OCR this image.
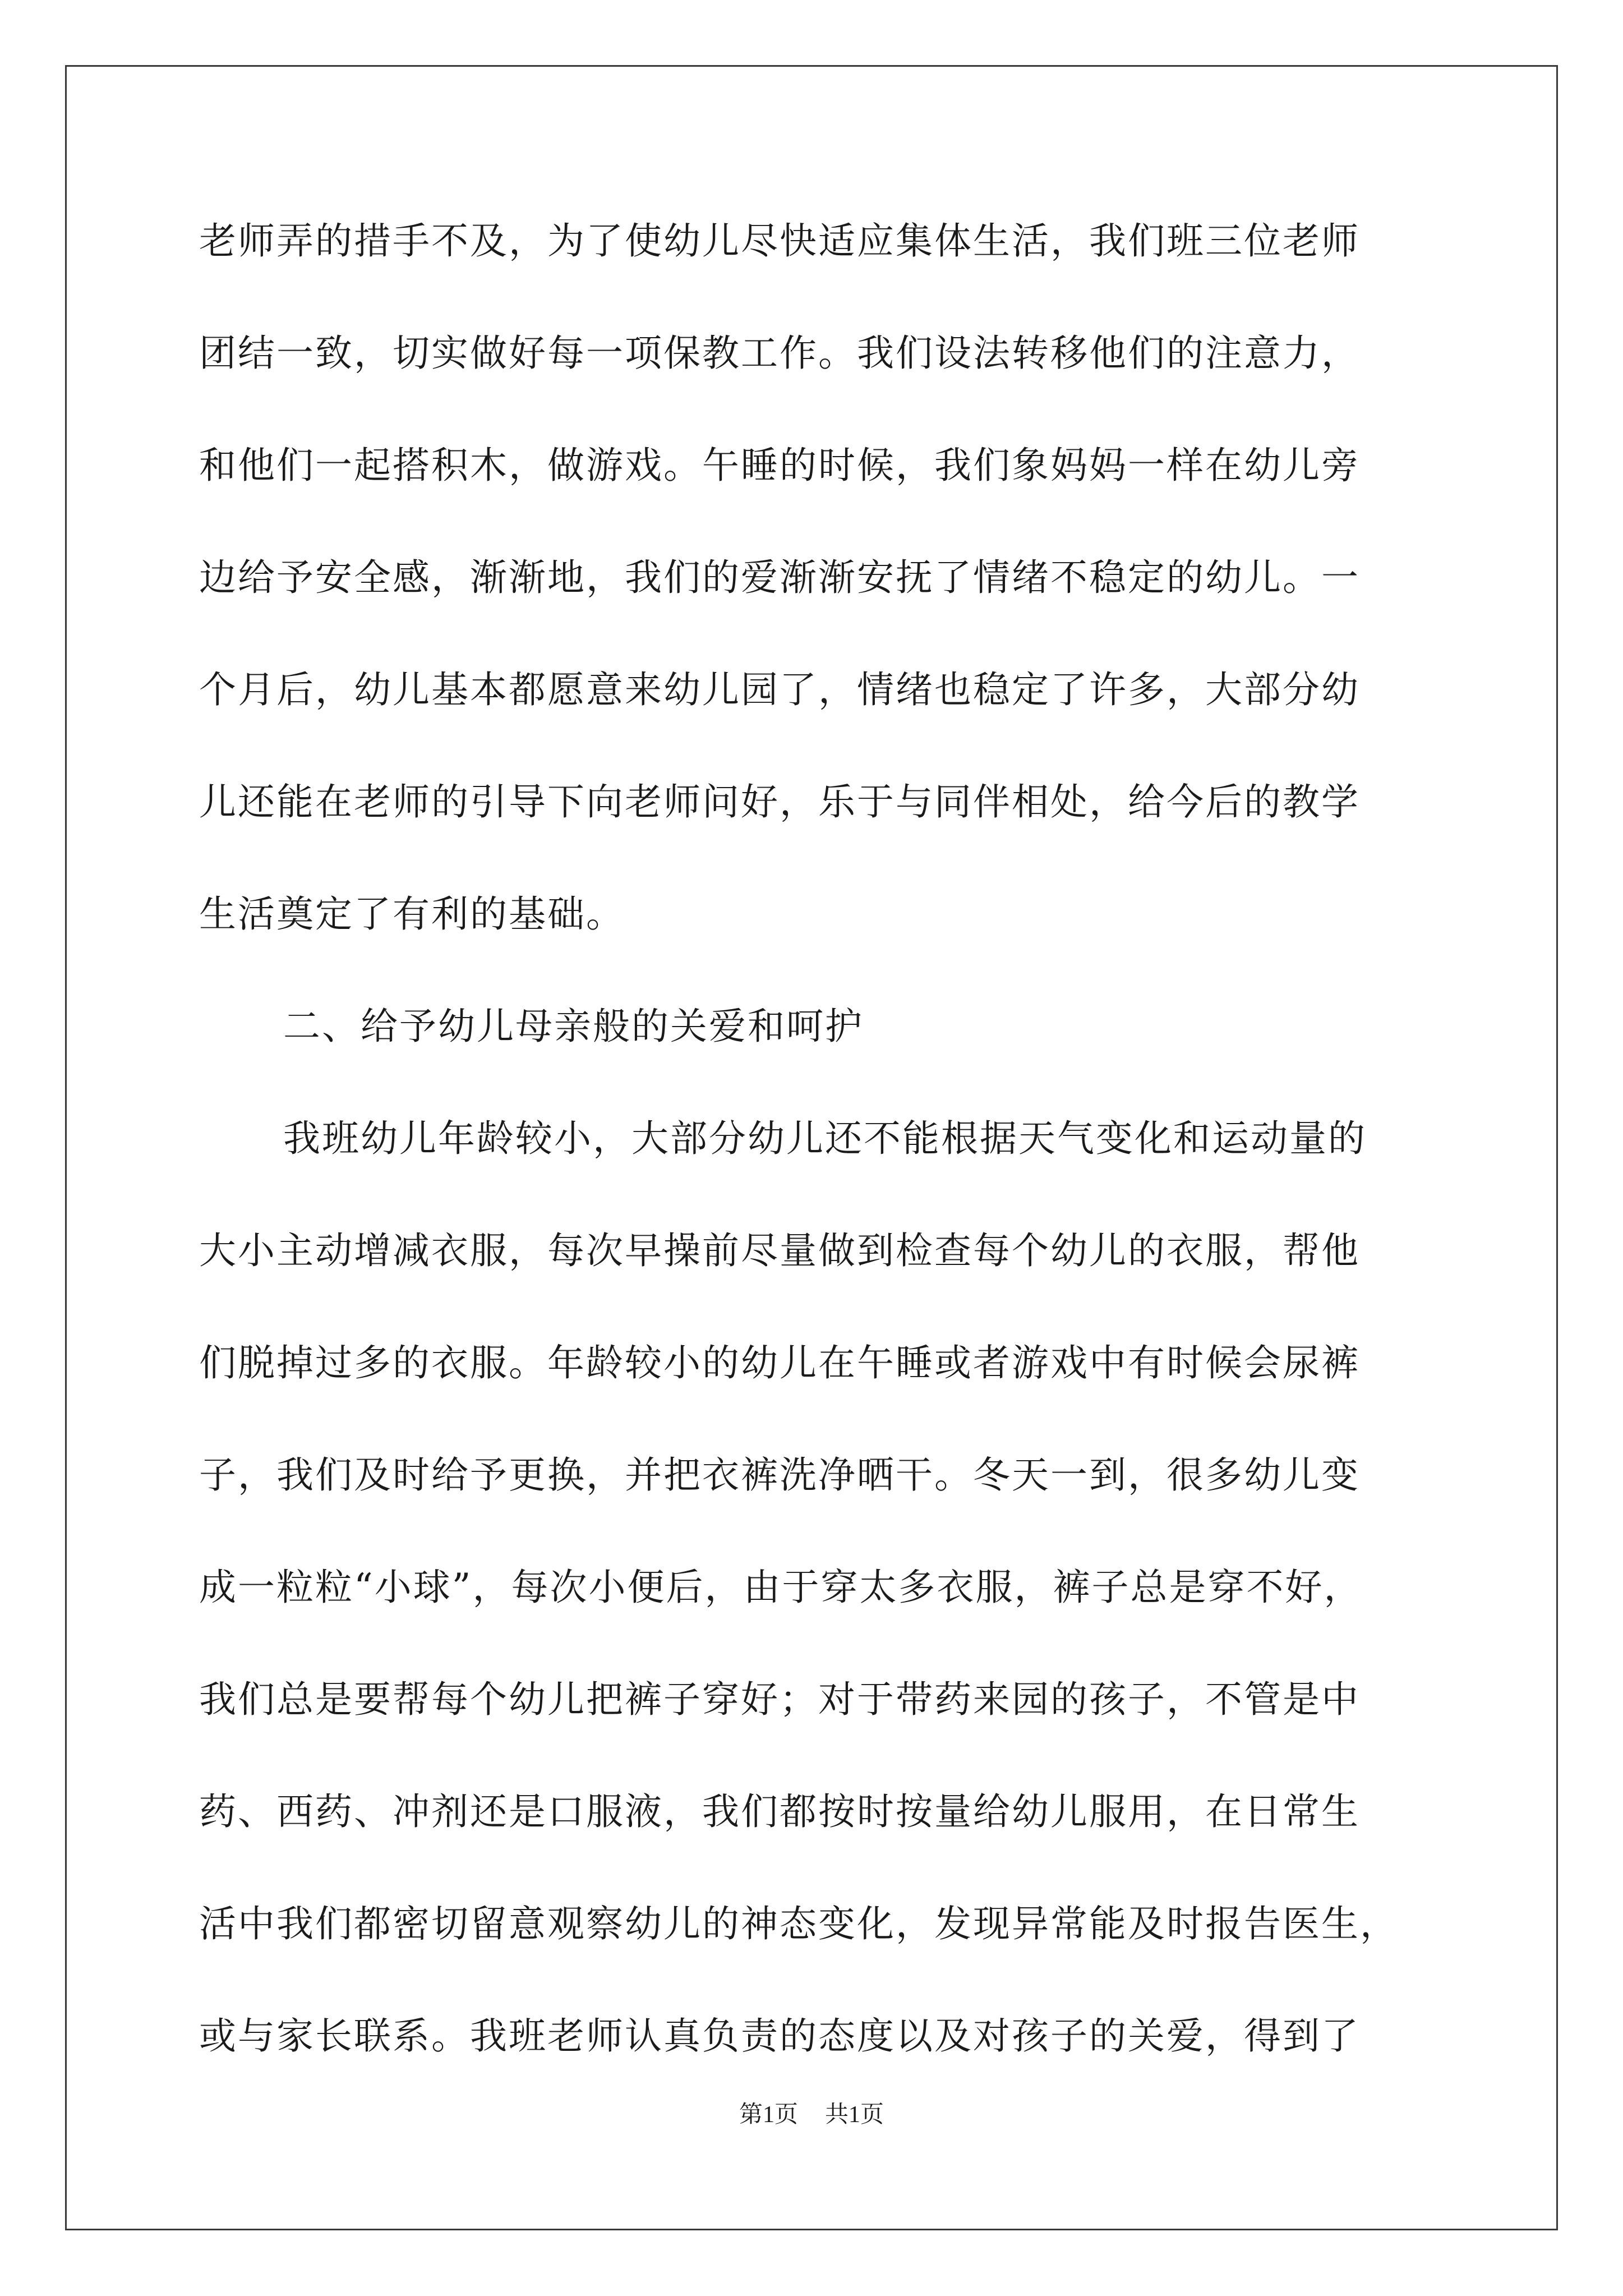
老师弄的措手不及，为了使幼儿尽快适应集体生活，我们班三位老师
团结一致，切实做好每一项保教工作。我们设法转移他们的注意力，
和他们一起搭积木，做游戏。午睡的时候，我们象妈妈一样在幼儿旁
边给予安全感，渐渐地，我们的爱渐渐安抚了情绪不稳定的幼儿。一
个月后，幼儿基本都愿意来幼儿园了，情绪也稳定了许多，大部分幼
儿还能在老师的引导下向老师问好，乐于与同伴相处，给今后的教学
生活奠定了有利的基础。
二、给予幼儿母亲般的关爱和呵护
我班幼儿年龄较小，大部分幼儿还不能根据天气变化和运动量的
大小主动增减衣服，每次早操前尽量做到检查每个幼儿的衣服，帮他
们脱掉过多的衣服。年龄较小的幼儿在午睡或者游戏中有时候会尿裤
子，我们及时给予更换，并把衣裤洗净晒干。冬天一到，很多幼儿变
成一粒粒“小球”，每次小便后，由于穿太多衣服，裤子总是穿不好，
我们总是要帮每个幼儿把裤子穿好；对于带药来园的孩子，不管是中
药、西药、冲剂还是口服液，我们都按时按量给幼儿服用，在日常生
活中我们都密切留意观察幼儿的神态变化，发现异常能及时报告医生，
或与家长联系。我班老师认真负责的态度以及对孩子的关爱，得到了
第1页 共1页
